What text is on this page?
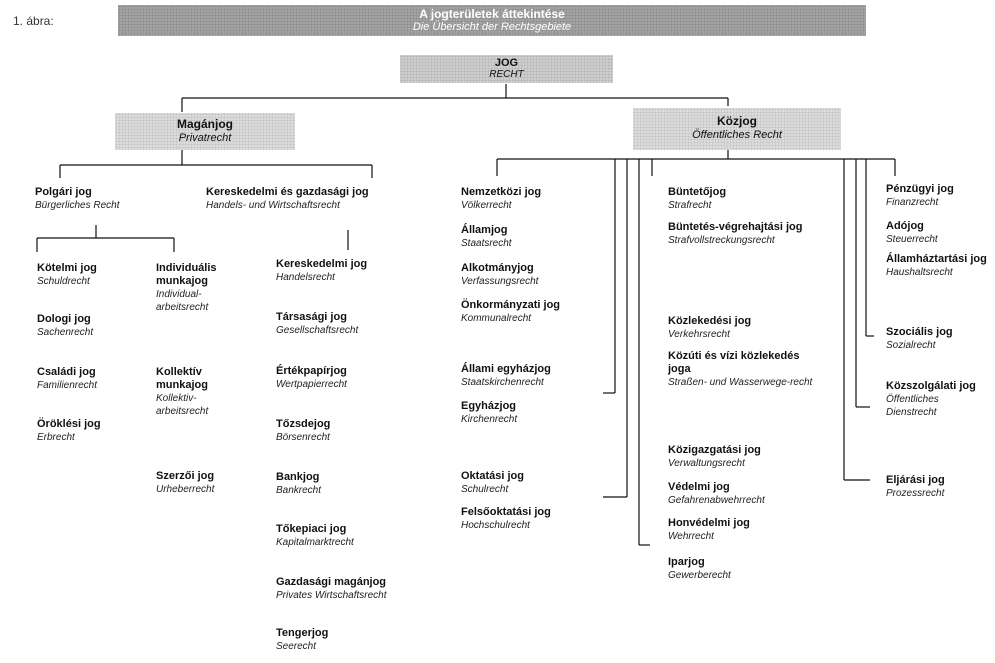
1. ábra:	A jogterületek áttekintése
Die Übersicht der Rechtsgebiete
JOG
RECHT
Magánjog
Privatrecht
Közjog
Öffentliches Recht
Polgári jog
Bürgerliches Recht
Kereskedelmi és gazdasági jog
Handels- und Wirtschaftsrecht
Kötelmi jog
Schuldrecht
Dologi jog
Sachenrecht
Családi jog
Familienrecht
Öröklési jog
Erbrecht
Individuális munkajog
Individual-arbeitsrecht
Kollektív munkajog
Kollektiv-arbeitsrecht
Szerzői jog
Urheberrecht
Kereskedelmi jog
Handelsrecht
Társasági jog
Gesellschaftsrecht
Értékpapírjog
Wertpapierrecht
Tőzsdejog
Börsenrecht
Bankjog
Bankrecht
Tőkepiaci jog
Kapitalmarktrecht
Gazdasági magánjog
Privates Wirtschaftsrecht
Tengerjog
Seerecht
Nemzetközi jog
Völkerrecht
Államjog
Staatsrecht
Alkotmányjog
Verfassungsrecht
Önkormányzati jog
Kommunalrecht
Állami egyházjog
Staatskirchenrecht
Egyházjog
Kirchenrecht
Oktatási jog
Schulrecht
Felsőoktatási jog
Hochschulrecht
Büntetőjog
Strafrecht
Büntetés-végrehajtási jog
Strafvollstreckungsrecht
Közlekedési jog
Verkehrsrecht
Közúti és vízi közlekedés joga
Straßen- und Wasserwege-recht
Közigazgatási jog
Verwaltungsrecht
Védelmi jog
Gefahrenabwehrrecht
Honvédelmi jog
Wehrrecht
Iparjog
Gewerberecht
Pénzügyi jog
Finanzrecht
Adójog
Steuerrecht
Államháztartási jog
Haushaltsrecht
Szociális jog
Sozialrecht
Közszolgálati jog
Öffentliches Dienstrecht
Eljárási jog
Prozessrecht
